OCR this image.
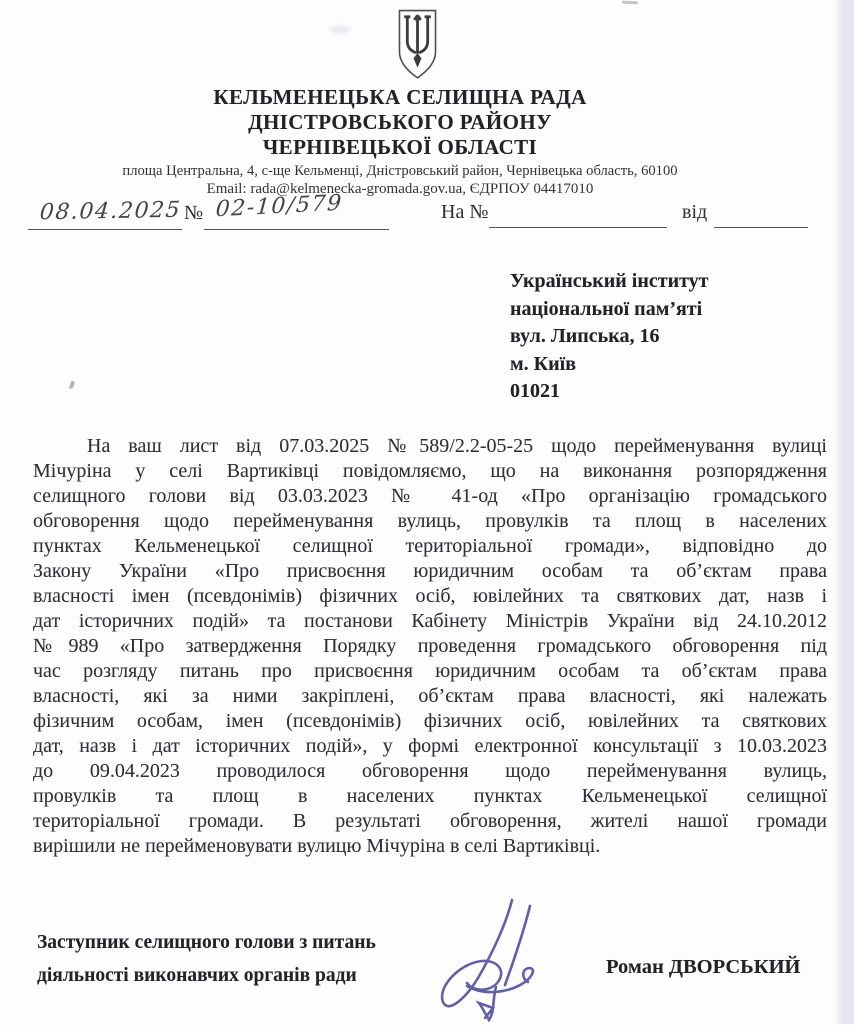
КЕЛЬМЕНЕЦЬКА СЕЛИЩНА РАДА
ДНІСТРОВСЬКОГО РАЙОНУ
ЧЕРНІВЕЦЬКОЇ ОБЛАСТІ
площа Центральна, 4, с-ще Кельменці, Дністровський район, Чернівецька область, 60100
Email: rada@kelmenecka-gromada.gov.ua, ЄДРПОУ 04417010
08.04.2025 № 02-10/579	На №	від
Український інститут
національної пам’яті
вул. Липська, 16
м. Київ
01021
На ваш лист від 07.03.2025 №589/2.2-05-25 щодо перейменування вулиці
Мічуріна у селі Вартиківці повідомляємо, що на виконання розпорядження
селищного голови від 03.03.2023 № 41-од «Про організацію громадського
обговорення щодо перейменування вулиць, провулків та площ в населених
пунктах Кельменецької селищної територіальної громади», відповідно до
Закону України «Про присвоєння юридичним особам та об’єктам права
власності імен (псевдонімів) фізичних осіб, ювілейних та святкових дат, назв і
дат історичних подій» та постанови Кабінету Міністрів України від 24.10.2012
№989 «Про затвердження Порядку проведення громадського обговорення під
час розгляду питань про присвоєння юридичним особам та об’єктам права
власності, які за ними закріплені, об’єктам права власності, які належать
фізичним особам, імен (псевдонімів) фізичних осіб, ювілейних та святкових
дат, назв і дат історичних подій», у формі електронної консультації з 10.03.2023
до 09.04.2023 проводилося обговорення щодо перейменування вулиць,
провулків та площ в населених пунктах Кельменецької селищної
територіальної громади. В результаті обговорення, жителі нашої громади
вирішили не перейменовувати вулицю Мічуріна в селі Вартиківці.
Заступник селищного голови з питань
діяльності виконавчих органів ради	Роман ДВОРСЬКИЙ
